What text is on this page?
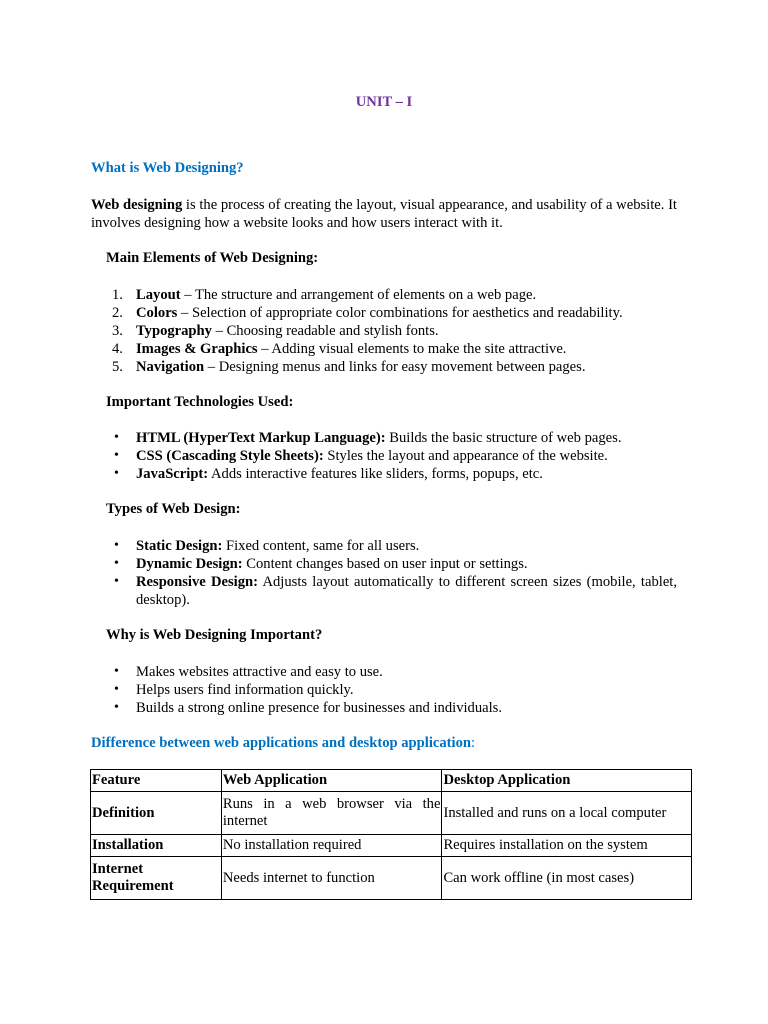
UNIT – I

What is Web Designing?

Web designing is the process of creating the layout, visual appearance, and usability of a website. It involves designing how a website looks and how users interact with it.

Main Elements of Web Designing:

1. Layout – The structure and arrangement of elements on a web page.
2. Colors – Selection of appropriate color combinations for aesthetics and readability.
3. Typography – Choosing readable and stylish fonts.
4. Images & Graphics – Adding visual elements to make the site attractive.
5. Navigation – Designing menus and links for easy movement between pages.

Important Technologies Used:

•	HTML (HyperText Markup Language): Builds the basic structure of web pages.
•	CSS (Cascading Style Sheets): Styles the layout and appearance of the website.
•	JavaScript: Adds interactive features like sliders, forms, popups, etc.

Types of Web Design:

•	Static Design: Fixed content, same for all users.
•	Dynamic Design: Content changes based on user input or settings.
•	Responsive Design: Adjusts layout automatically to different screen sizes (mobile, tablet, desktop).

Why is Web Designing Important?

•	Makes websites attractive and easy to use.
•	Helps users find information quickly.
•	Builds a strong online presence for businesses and individuals.

Difference between web applications and desktop application:

Feature	Web Application	Desktop Application
Definition	Runs in a web browser via the internet	Installed and runs on a local computer
Installation	No installation required	Requires installation on the system
Internet Requirement	Needs internet to function	Can work offline (in most cases)
